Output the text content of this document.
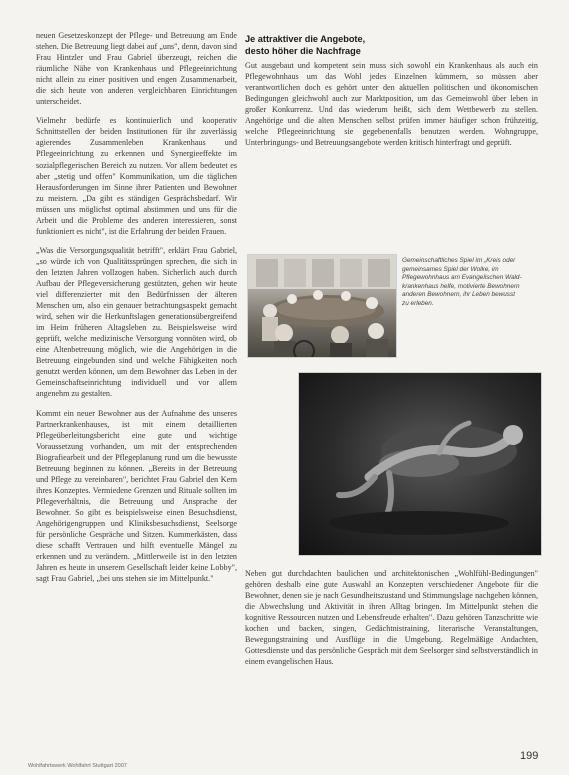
neuen Gesetzeskonzept der Pflege- und Betreuung am Ende stehen. Die Betreuung liegt dabei auf „uns", denn, davon sind Frau Hintzler und Frau Gabriel überzeugt, reichen die räumliche Nähe von Krankenhaus und Pflegeeinrichtung nicht allein zu einer positiven und engen Zusammenarbeit, die sich heute von anderen vergleichbaren Einrichtungen unterscheidet.

Vielmehr bedürfe es kontinuierlich und kooperativ Schnittstellen der beiden Institutionen für ihr zuverlässig agierendes Zusammenleben Krankenhaus und Pflegeeinrichtung zu erkennen und Synergieeffekte im sozialpflegerischen Bereich zu nutzen. Vor allem bedeutet es aber „stetig und offen" Kommunikation, um die täglichen Herausforderungen im Sinne ihrer Patienten und Bewohner zu meistern. „Da gibt es ständigen Gesprächsbedarf. Wir müssen uns möglichst optimal abstimmen und uns für die Arbeit und die Probleme des anderen interessieren, sonst funktioniert es nicht", ist die Erfahrung der beiden Frauen.

„Was die Versorgungsqualität betrifft", erklärt Frau Gabriel, „so würde ich von Qualitätssprüngen sprechen, die sich in den letzten Jahren vollzogen haben. Sicherlich auch durch Aufbau der Pflegeversicherung gestützten, gehen wir heute viel differenzierter mit den Bedürfnissen der älteren Menschen um, also ein genauer betrachtungsaspekt gemacht wird, sehen wir die Herkunftslagen generationsübergreifend im Heim früheren Altagsleben zu. Beispielsweise wird geprüft, welche medizinische Versorgung vonnöten wird, ob eine Altenbetreuung möglich, wie die Angehörigen in die Betreuung eingebunden sind und welche Fähigkeiten noch genutzt werden können, um dem Bewohner das Leben in der Gemeinschaftseinrichtung individuell und vor allem angenehm zu gestalten.

Kommt ein neuer Bewohner aus der Aufnahme des unseres Partnerkrankenhauses, ist mit einem detaillierten Pflegeüberleitungsbericht eine gute und wichtige Voraussetzung vorhanden, um mit der entsprechenden Biografiearbeit und der Pflegeplanung rund um die bewusste Betreuung beginnen zu können. „Bereits in der Betreuung und Pflege zu vereinbaren", berichtet Frau Gabriel den Kern ihres Konzeptes. Vermiedene Grenzen und Rituale sollten im Pflegeverhältnis, die Betreuung und Ansprache der Bewohner. So gibt es beispielsweise einen Besuchsdienst, Angehörigengruppen und Kliniksbesuchsdienst, Seelsorge für persönliche Gespräche und Sitzen. Kummerkästen, dass diese schafft Vertrauen und hilft eventuelle Mängel zu erkennen und zu verändern. „Mittlerweile ist in den letzten Jahren es heute in unserem Gesellschaft leider keine Lobby", sagt Frau Gabriel, „bei uns stehen sie im Mittelpunkt."

Je attraktiver die Angebote,
desto höher die Nachfrage

Gut ausgebaut und kompetent sein muss sich sowohl ein Krankenhaus als auch ein Pflegewohnhaus um das Wohl jedes Einzelnen kümmern, so müssen aber verantwortlichen doch es gehört unter den aktuellen politischen und ökonomischen Bedingungen gleichwohl auch zur Marktposition, um das Gemeinwohl über leben in großer Konkurrenz. Und das wiederum heißt, sich dem Wettbewerb zu stellen. Angehörige und die alten Menschen selbst prüfen immer häufiger schon frühzeitig, welche Pflegeeinrichtung sie gegebenenfalls benutzen werden. Wohngruppe, Unterbringungs- und Betreuungsangebote werden kritisch hinterfragt und geprüft.

Gemeinschaftliches Spiel im „Kreis oder gemeinsames Spiel der Wolke, im Pflegewohnhaus am Evangelischen Wald-krankenhaus helfe, motivierte Bewohnern anderen Bewohnern, ihr Leben bewusst zu erleben.

Neben gut durchdachten baulichen und architektonischen „Wohlfühl-Bedingungen" gehören deshalb eine gute Auswahl an Konzepten verschiedener Angebote für die Bewohner, denen sie je nach Gesundheitszustand und Stimmungslage nachgehen können, die Abwechslung und Aktivität in ihren Alltag bringen. Im Mittelpunkt stehen die kognitive Ressourcen nutzen und Lebensfreude erhalten". Dazu gehören Tanzschritte wie kochen und backen, singen, Gedächtnistraining, literarische Veranstaltungen, Bewegungstraining und Ausflüge in die Umgebung. Regelmäßige Andachten, Gottesdienste und das persönliche Gespräch mit dem Seelsorger sind selbstverständlich in einem evangelischen Haus.

Wohlfahrtswerk Wohlfahrt Stuttgart 2007
199
